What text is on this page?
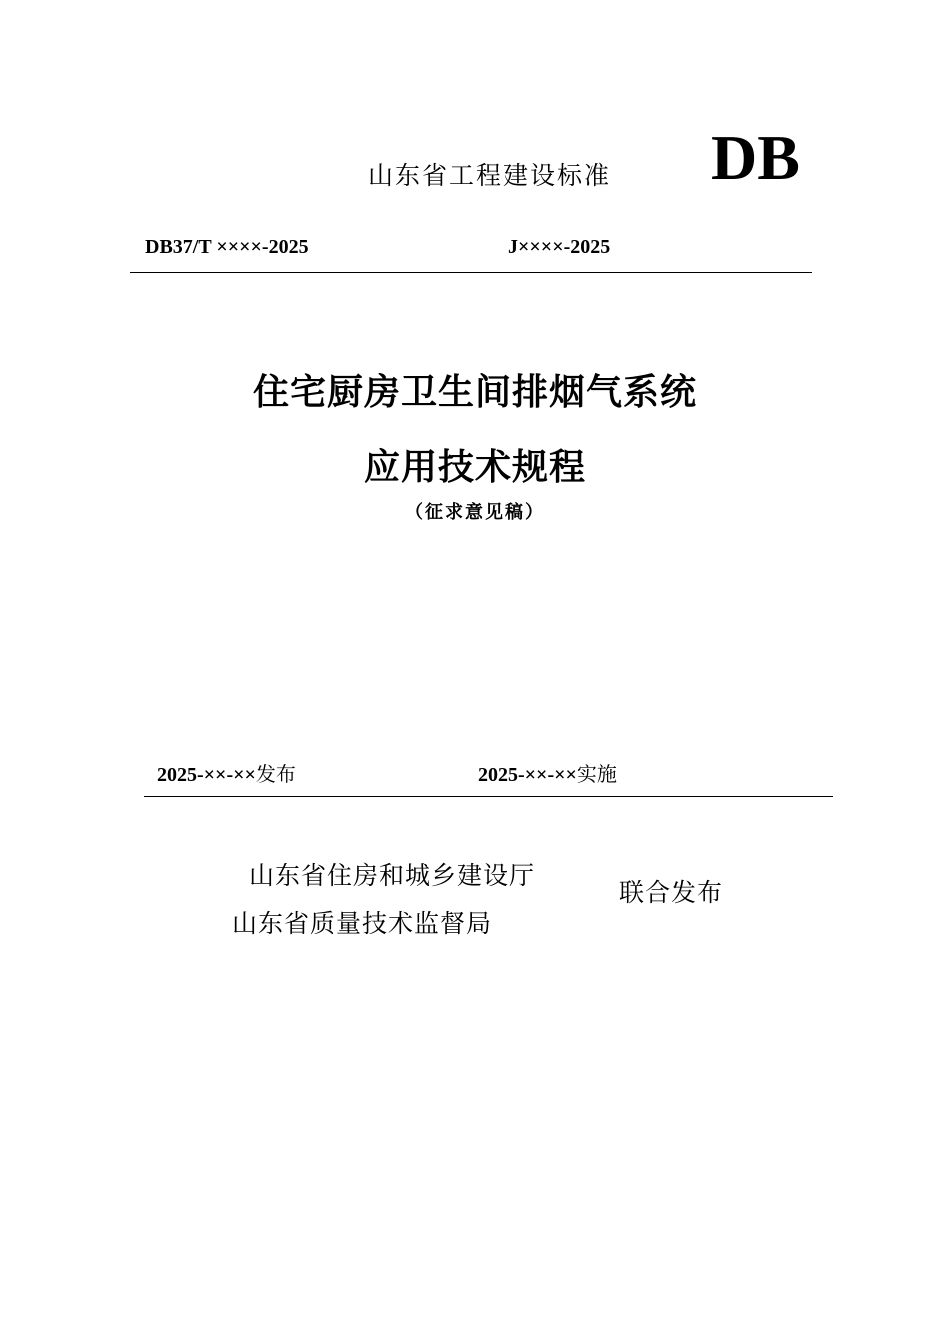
山东省工程建设标准 DB
DB37/T ××××-2025	J××××-2025
住宅厨房卫生间排烟气系统
应用技术规程
（征求意见稿）
2025-××-××发布	2025-××-××实施
山东省住房和城乡建设厅
山东省质量技术监督局
联合发布
